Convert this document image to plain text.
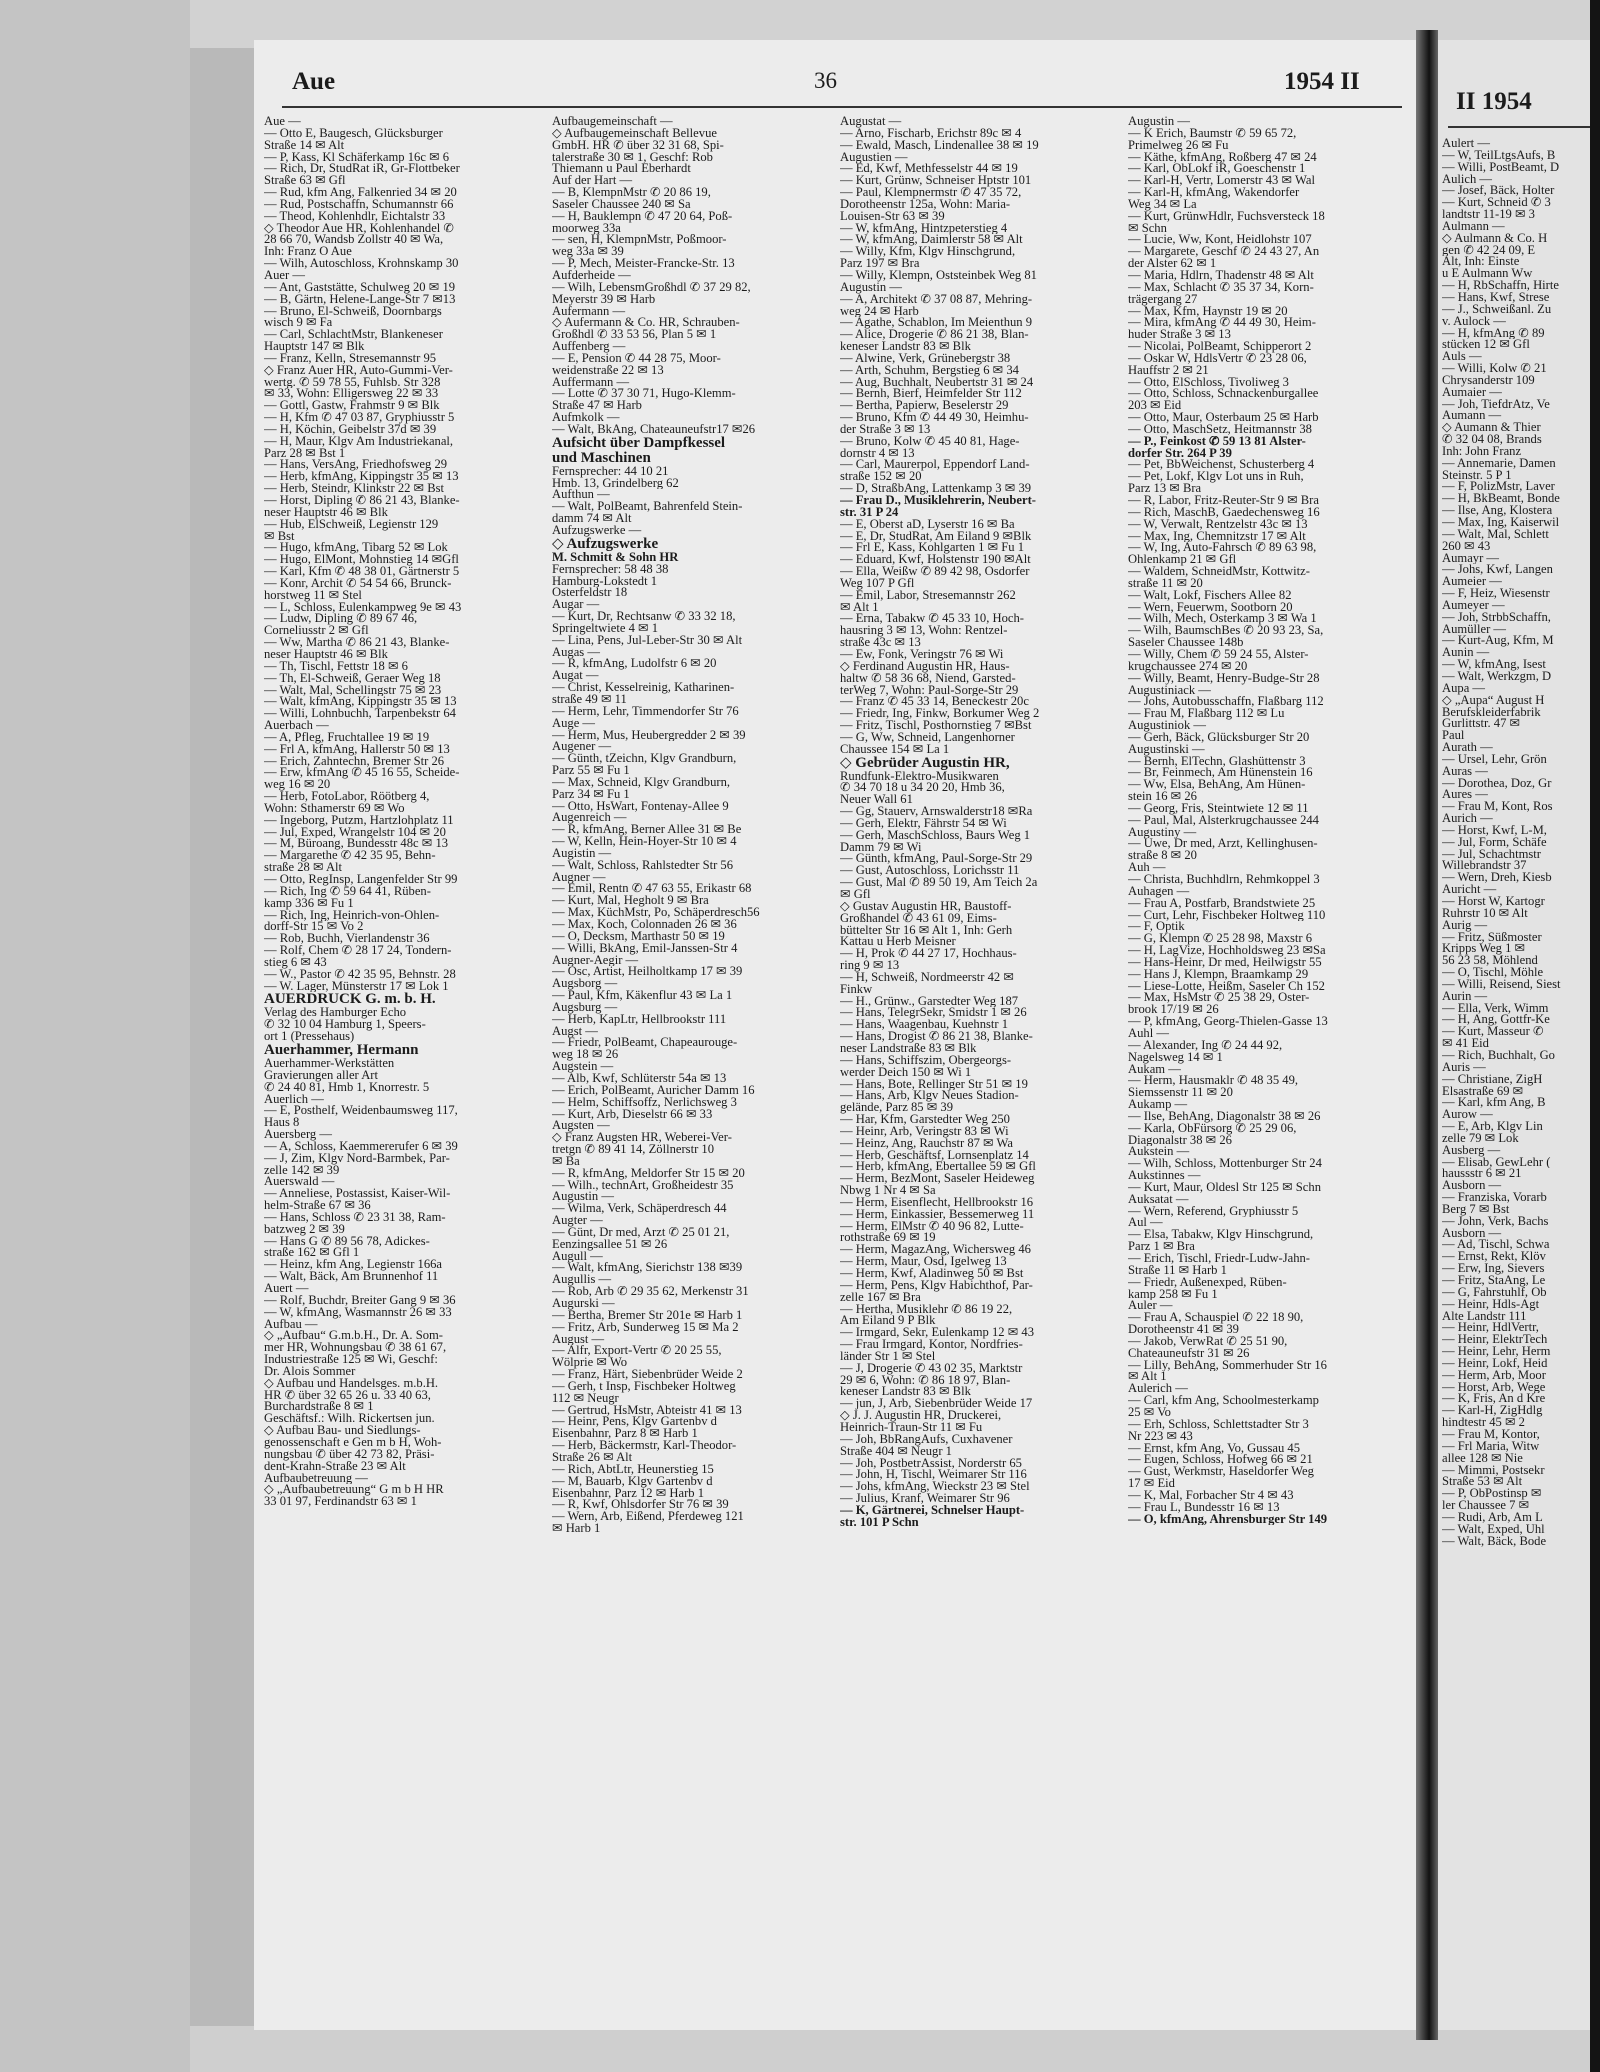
Aue	36	1954 II
Aue —
— Otto E, Baugesch, Glücksburger
Straße 14 ✉ Alt
— P, Kass, Kl Schäferkamp 16c ✉ 6
— Rich, Dr, StudRat iR, Gr-Flottbeker
Straße 63 ✉ Gfl
— Rud, kfm Ang, Falkenried 34 ✉ 20
— Rud, Postschaffn, Schumannstr 66
— Theod, Kohlenhdlr, Eichtalstr 33
◇ Theodor Aue HR, Kohlenhandel ✆
28 66 70, Wandsb Zollstr 40 ✉ Wa,
Inh: Franz O Aue
— Wilh, Autoschloss, Krohnskamp 30
Auer —
— Ant, Gaststätte, Schulweg 20 ✉ 19
— B, Gärtn, Helene-Lange-Str 7 ✉13
— Bruno, El-Schweiß, Doornbargs
wisch 9 ✉ Fa
— Carl, SchlachtMstr, Blankeneser
Hauptstr 147 ✉ Blk
— Franz, Kelln, Stresemannstr 95
◇ Franz Auer HR, Auto-Gummi-Ver-
wertg. ✆ 59 78 55, Fuhlsb. Str 328
✉ 33, Wohn: Elligersweg 22 ✉ 33
— Gottl, Gastw, Frahmstr 9 ✉ Blk
— H, Kfm ✆ 47 03 87, Gryphiusstr 5
— H, Köchin, Geibelstr 37d ✉ 39
— H, Maur, Klgv Am Industriekanal,
Parz 28 ✉ Bst 1
— Hans, VersAng, Friedhofsweg 29
— Herb, kfmAng, Kippingstr 35 ✉ 13
— Herb, Steindr, Klinkstr 22 ✉ Bst
— Horst, Dipling ✆ 86 21 43, Blanke-
neser Hauptstr 46 ✉ Blk
— Hub, ElSchweiß, Legienstr 129
✉ Bst
— Hugo, kfmAng, Tibarg 52 ✉ Lok
— Hugo, ElMont, Mohnstieg 14 ✉Gfl
— Karl, Kfm ✆ 48 38 01, Gärtnerstr 5
— Konr, Archit ✆ 54 54 66, Brunck-
horstweg 11 ✉ Stel
— L, Schloss, Eulenkampweg 9e ✉ 43
— Ludw, Dipling ✆ 89 67 46,
Corneliusstr 2 ✉ Gfl
— Ww, Martha ✆ 86 21 43, Blanke-
neser Hauptstr 46 ✉ Blk
— Th, Tischl, Fettstr 18 ✉ 6
— Th, El-Schweiß, Geraer Weg 18
— Walt, Mal, Schellingstr 75 ✉ 23
— Walt, kfmAng, Kippingstr 35 ✉ 13
— Willi, Lohnbuchh, Tarpenbekstr 64
Auerbach —
— A, Pfleg, Fruchtallee 19 ✉ 19
— Frl A, kfmAng, Hallerstr 50 ✉ 13
— Erich, Zahntechn, Bremer Str 26
— Erw, kfmAng ✆ 45 16 55, Scheide-
weg 16 ✉ 20
— Herb, FotoLabor, Röötberg 4,
Wohn: Sthamerstr 69 ✉ Wo
— Ingeborg, Putzm, Hartzlohplatz 11
— Jul, Exped, Wrangelstr 104 ✉ 20
— M, Büroang, Bundesstr 48c ✉ 13
— Margarethe ✆ 42 35 95, Behn-
straße 28 ✉ Alt
— Otto, RegInsp, Langenfelder Str 99
— Rich, Ing ✆ 59 64 41, Rüben-
kamp 336 ✉ Fu 1
— Rich, Ing, Heinrich-von-Ohlen-
dorff-Str 15 ✉ Vo 2
— Rob, Buchh, Vierlandenstr 36
— Rolf, Chem ✆ 28 17 24, Tondern-
stieg 6 ✉ 43
— W., Pastor ✆ 42 35 95, Behnstr. 28
— W. Lager, Münsterstr 17 ✉ Lok 1
AUERDRUCK G. m. b. H.
Verlag des Hamburger Echo
✆ 32 10 04 Hamburg 1, Speers-
ort 1 (Pressehaus)
Auerhammer, Hermann
Auerhammer-Werkstätten
Gravierungen aller Art
✆ 24 40 81, Hmb 1, Knorrestr. 5
Auerlich —
— E, Posthelf, Weidenbaumsweg 117,
Haus 8
Auersberg —
— A, Schloss, Kaemmererufer 6 ✉ 39
— J, Zim, Klgv Nord-Barmbek, Par-
zelle 142 ✉ 39
Auerswald —
— Anneliese, Postassist, Kaiser-Wil-
helm-Straße 67 ✉ 36
— Hans, Schloss ✆ 23 31 38, Ram-
batzweg 2 ✉ 39
— Hans G ✆ 89 56 78, Adickes-
straße 162 ✉ Gfl 1
— Heinz, kfm Ang, Legienstr 166a
— Walt, Bäck, Am Brunnenhof 11
Auert —
— Rolf, Buchdr, Breiter Gang 9 ✉ 36
— W, kfmAng, Wasmannstr 26 ✉ 33
Aufbau —
◇ „Aufbau“ G.m.b.H., Dr. A. Som-
mer HR, Wohnungsbau ✆ 38 61 67,
Industriestraße 125 ✉ Wi, Geschf:
Dr. Alois Sommer
◇ Aufbau und Handelsges. m.b.H.
HR ✆ über 32 65 26 u. 33 40 63,
Burchardstraße 8 ✉ 1
Geschäftsf.: Wilh. Rickertsen jun.
◇ Aufbau Bau- und Siedlungs-
genossenschaft e Gen m b H, Woh-
nungsbau ✆ über 42 73 82, Präsi-
dent-Krahn-Straße 23 ✉ Alt
Aufbaubetreuung —
◇ „Aufbaubetreuung“ G m b H HR
33 01 97, Ferdinandstr 63 ✉ 1
Aufbaugemeinschaft —
◇ Aufbaugemeinschaft Bellevue
GmbH. HR ✆ über 32 31 68, Spi-
talerstraße 30 ✉ 1, Geschf: Rob
Thiemann u Paul Eberhardt
Auf der Hart —
— B, KlempnMstr ✆ 20 86 19,
Saseler Chaussee 240 ✉ Sa
— H, Bauklempn ✆ 47 20 64, Poß-
moorweg 33a
— sen, H, KlempnMstr, Poßmoor-
weg 33a ✉ 39
— P, Mech, Meister-Francke-Str. 13
Aufderheide —
— Wilh, LebensmGroßhdl ✆ 37 29 82,
Meyerstr 39 ✉ Harb
Aufermann —
◇ Aufermann & Co. HR, Schrauben-
Großhdl ✆ 33 53 56, Plan 5 ✉ 1
Auffenberg —
— E, Pension ✆ 44 28 75, Moor-
weidenstraße 22 ✉ 13
Auffermann —
— Lotte ✆ 37 30 71, Hugo-Klemm-
Straße 47 ✉ Harb
Aufmkolk —
— Walt, BkAng, Chateauneufstr17 ✉26
Aufsicht über Dampfkessel
und Maschinen
Fernsprecher: 44 10 21
Hmb. 13, Grindelberg 62
Aufthun —
— Walt, PolBeamt, Bahrenfeld Stein-
damm 74 ✉ Alt
Aufzugswerke —
◇ Aufzugswerke
M. Schmitt & Sohn HR
Fernsprecher: 58 48 38
Hamburg-Lokstedt 1
Osterfeldstr 18
Augar —
— Kurt, Dr, Rechtsanw ✆ 33 32 18,
Springeltwiete 4 ✉ 1
— Lina, Pens, Jul-Leber-Str 30 ✉ Alt
Augas —
— R, kfmAng, Ludolfstr 6 ✉ 20
Augat —
— Christ, Kesselreinig, Katharinen-
straße 49 ✉ 11
— Herm, Lehr, Timmendorfer Str 76
Auge —
— Herm, Mus, Heubergredder 2 ✉ 39
Augener —
— Günth, tZeichn, Klgv Grandburn,
Parz 55 ✉ Fu 1
— Max, Schneid, Klgv Grandburn,
Parz 34 ✉ Fu 1
— Otto, HsWart, Fontenay-Allee 9
Augenreich —
— R, kfmAng, Berner Allee 31 ✉ Be
— W, Kelln, Hein-Hoyer-Str 10 ✉ 4
Augistin —
— Walt, Schloss, Rahlstedter Str 56
Augner —
— Emil, Rentn ✆ 47 63 55, Erikastr 68
— Kurt, Mal, Hegholt 9 ✉ Bra
— Max, KüchMstr, Po, Schäperdresch56
— Max, Koch, Colonnaden 26 ✉ 36
— O, Decksm, Marthastr 50 ✉ 19
— Willi, BkAng, Emil-Janssen-Str 4
Augner-Aegir —
— Osc, Artist, Heilholtkamp 17 ✉ 39
Augsborg —
— Paul, Kfm, Käkenflur 43 ✉ La 1
Augsburg —
— Herb, KapLtr, Hellbrookstr 111
Augst —
— Friedr, PolBeamt, Chapeaurouge-
weg 18 ✉ 26
Augstein —
— Alb, Kwf, Schlüterstr 54a ✉ 13
— Erich, PolBeamt, Auricher Damm 16
— Helm, Schiffsoffz, Nerlichsweg 3
— Kurt, Arb, Dieselstr 66 ✉ 33
Augsten —
◇ Franz Augsten HR, Weberei-Ver-
tretgn ✆ 89 41 14, Zöllnerstr 10
✉ Ba
— R, kfmAng, Meldorfer Str 15 ✉ 20
— Wilh., technArt, Großheidestr 35
Augustin —
— Wilma, Verk, Schäperdresch 44
Augter —
— Günt, Dr med, Arzt ✆ 25 01 21,
Eenzingsallee 51 ✉ 26
Augull —
— Walt, kfmAng, Sierichstr 138 ✉39
Augullis —
— Rob, Arb ✆ 29 35 62, Merkenstr 31
Augurski —
— Bertha, Bremer Str 201e ✉ Harb 1
— Fritz, Arb, Sunderweg 15 ✉ Ma 2
August —
— Alfr, Export-Vertr ✆ 20 25 55,
Wölprie ✉ Wo
— Franz, Härt, Siebenbrüder Weide 2
— Gerh, t Insp, Fischbeker Holtweg
112 ✉ Neugr
— Gertrud, HsMstr, Abteistr 41 ✉ 13
— Heinr, Pens, Klgv Gartenbv d
Eisenbahnr, Parz 8 ✉ Harb 1
— Herb, Bäckermstr, Karl-Theodor-
Straße 26 ✉ Alt
— Rich, AbtLtr, Heunerstieg 15
— M, Bauarb, Klgv Gartenbv d
Eisenbahnr, Parz 12 ✉ Harb 1
— R, Kwf, Ohlsdorfer Str 76 ✉ 39
— Wern, Arb, Eißend, Pferdeweg 121
✉ Harb 1
Augustat —
— Arno, Fischarb, Erichstr 89c ✉ 4
— Ewald, Masch, Lindenallee 38 ✉ 19
Augustien —
— Ed, Kwf, Methfesselstr 44 ✉ 19
— Kurt, Grünw, Schneiser Hptstr 101
— Paul, Klempnermstr ✆ 47 35 72,
Dorotheenstr 125a, Wohn: Maria-
Louisen-Str 63 ✉ 39
— W, kfmAng, Hintzpeterstieg 4
— W, kfmAng, Daimlerstr 58 ✉ Alt
— Willy, Kfm, Klgv Hinschgrund,
Parz 197 ✉ Bra
— Willy, Klempn, Oststeinbek Weg 81
Augustin —
— A, Architekt ✆ 37 08 87, Mehring-
weg 24 ✉ Harb
— Agathe, Schablon, Im Meienthun 9
— Alice, Drogerie ✆ 86 21 38, Blan-
keneser Landstr 83 ✉ Blk
— Alwine, Verk, Grünebergstr 38
— Arth, Schuhm, Bergstieg 6 ✉ 34
— Aug, Buchhalt, Neubertstr 31 ✉ 24
— Bernh, Bierf, Heimfelder Str 112
— Bertha, Papierw, Beselerstr 29
— Bruno, Kfm ✆ 44 49 30, Heimhu-
der Straße 3 ✉ 13
— Bruno, Kolw ✆ 45 40 81, Hage-
dornstr 4 ✉ 13
— Carl, Maurerpol, Eppendorf Land-
straße 152 ✉ 20
— D, StraßbAng, Lattenkamp 3 ✉ 39
— Frau D., Musiklehrerin, Neubert-
str. 31 P 24
— E, Oberst aD, Lyserstr 16 ✉ Ba
— E, Dr, StudRat, Am Eiland 9 ✉Blk
— Frl E, Kass, Kohlgarten 1 ✉ Fu 1
— Eduard, Kwf, Holstenstr 190 ✉Alt
— Ella, Weißw ✆ 89 42 98, Osdorfer
Weg 107 P Gfl
— Emil, Labor, Stresemannstr 262
✉ Alt 1
— Erna, Tabakw ✆ 45 33 10, Hoch-
hausring 3 ✉ 13, Wohn: Rentzel-
straße 43c ✉ 13
— Ew, Fonk, Veringstr 76 ✉ Wi
◇ Ferdinand Augustin HR, Haus-
haltw ✆ 58 36 68, Niend, Garsted-
terWeg 7, Wohn: Paul-Sorge-Str 29
— Franz ✆ 45 33 14, Beneckestr 20c
— Friedr, Ing, Finkw, Borkumer Weg 2
— Fritz, Tischl, Posthornstieg 7 ✉Bst
— G, Ww, Schneid, Langenhorner
Chaussee 154 ✉ La 1
◇ Gebrüder Augustin HR,
Rundfunk-Elektro-Musikwaren
✆ 34 70 18 u 34 20 20, Hmb 36,
Neuer Wall 61
— Gg, Stauerv, Arnswalderstr18 ✉Ra
— Gerh, Elektr, Fährstr 54 ✉ Wi
— Gerh, MaschSchloss, Baurs Weg 1
Damm 79 ✉ Wi
— Günth, kfmAng, Paul-Sorge-Str 29
— Gust, Autoschloss, Lorichsstr 11
— Gust, Mal ✆ 89 50 19, Am Teich 2a
✉ Gfl
◇ Gustav Augustin HR, Baustoff-
Großhandel ✆ 43 61 09, Eims-
büttelter Str 16 ✉ Alt 1, Inh: Gerh
Kattau u Herb Meisner
— H, Prok ✆ 44 27 17, Hochhaus-
ring 9 ✉ 13
— H, Schweiß, Nordmeerstr 42 ✉
Finkw
— H., Grünw., Garstedter Weg 187
— Hans, TelegrSekr, Smidstr 1 ✉ 26
— Hans, Waagenbau, Kuehnstr 1
— Hans, Drogist ✆ 86 21 38, Blanke-
neser Landstraße 83 ✉ Blk
— Hans, Schiffszim, Obergeorgs-
werder Deich 150 ✉ Wi 1
— Hans, Bote, Rellinger Str 51 ✉ 19
— Hans, Arb, Klgv Neues Stadion-
gelände, Parz 85 ✉ 39
— Har, Kfm, Garstedter Weg 250
— Heinr, Arb, Veringstr 83 ✉ Wi
— Heinz, Ang, Rauchstr 87 ✉ Wa
— Herb, Geschäftsf, Lornsenplatz 14
— Herb, kfmAng, Ebertallee 59 ✉ Gfl
— Herm, BezMont, Saseler Heideweg
Nbwg 1 Nr 4 ✉ Sa
— Herm, Eisenflecht, Hellbrookstr 16
— Herm, Einkassier, Bessemerweg 11
— Herm, ElMstr ✆ 40 96 82, Lutte-
rothstraße 69 ✉ 19
— Herm, MagazAng, Wichersweg 46
— Herm, Maur, Osd, Igelweg 13
— Herm, Kwf, Aladinweg 50 ✉ Bst
— Herm, Pens, Klgv Habichthof, Par-
zelle 167 ✉ Bra
— Hertha, Musiklehr ✆ 86 19 22,
Am Eiland 9 P Blk
— Irmgard, Sekr, Eulenkamp 12 ✉ 43
— Frau Irmgard, Kontor, Nordfries-
länder Str 1 ✉ Stel
— J, Drogerie ✆ 43 02 35, Marktstr
29 ✉ 6, Wohn: ✆ 86 18 97, Blan-
keneser Landstr 83 ✉ Blk
— jun, J, Arb, Siebenbrüder Weide 17
◇ J. J. Augustin HR, Druckerei,
Heinrich-Traun-Str 11 ✉ Fu
— Joh, BbRangAufs, Cuxhavener
Straße 404 ✉ Neugr 1
— Joh, PostbetrAssist, Norderstr 65
— John, H, Tischl, Weimarer Str 116
— Johs, kfmAng, Wieckstr 23 ✉ Stel
— Julius, Kranf, Weimarer Str 96
— K, Gärtnerei, Schnelser Haupt-
str. 101 P Schn
Augustin —
— K Erich, Baumstr ✆ 59 65 72,
Primelweg 26 ✉ Fu
— Käthe, kfmAng, Roßberg 47 ✉ 24
— Karl, ObLokf iR, Goeschenstr 1
— Karl-H, Vertr, Lomerstr 43 ✉ Wal
— Karl-H, kfmAng, Wakendorfer
Weg 34 ✉ La
— Kurt, GrünwHdlr, Fuchsversteck 18
✉ Schn
— Lucie, Ww, Kont, Heidlohstr 107
— Margarete, Geschf ✆ 24 43 27, An
der Alster 62 ✉ 1
— Maria, Hdlrn, Thadenstr 48 ✉ Alt
— Max, Schlacht ✆ 35 37 34, Korn-
trägergang 27
— Max, Kfm, Haynstr 19 ✉ 20
— Mira, kfmAng ✆ 44 49 30, Heim-
huder Straße 3 ✉ 13
— Nicolai, PolBeamt, Schipperort 2
— Oskar W, HdlsVertr ✆ 23 28 06,
Hauffstr 2 ✉ 21
— Otto, ElSchloss, Tivoliweg 3
— Otto, Schloss, Schnackenburgallee
203 ✉ Eid
— Otto, Maur, Osterbaum 25 ✉ Harb
— Otto, MaschSetz, Heitmannstr 38
— P., Feinkost ✆ 59 13 81 Alster-
dorfer Str. 264 P 39
— Pet, BbWeichenst, Schusterberg 4
— Pet, Lokf, Klgv Lot uns in Ruh,
Parz 13 ✉ Bra
— R, Labor, Fritz-Reuter-Str 9 ✉ Bra
— Rich, MaschB, Gaedechensweg 16
— W, Verwalt, Rentzelstr 43c ✉ 13
— Max, Ing, Chemnitzstr 17 ✉ Alt
— W, Ing, Auto-Fahrsch ✆ 89 63 98,
Ohlenkamp 21 ✉ Gfl
— Waldem, SchneidMstr, Kottwitz-
straße 11 ✉ 20
— Walt, Lokf, Fischers Allee 82
— Wern, Feuerwm, Sootborn 20
— Wilh, Mech, Osterkamp 3 ✉ Wa 1
— Wilh, BaumschBes ✆ 20 93 23, Sa,
Saseler Chaussee 148b
— Willy, Chem ✆ 59 24 55, Alster-
krugchaussee 274 ✉ 20
— Willy, Beamt, Henry-Budge-Str 28
Augustiniack —
— Johs, Autobusschaffn, Flaßbarg 112
— Frau M, Flaßbarg 112 ✉ Lu
Augustiniok —
— Gerh, Bäck, Glücksburger Str 20
Augustinski —
— Bernh, ElTechn, Glashüttenstr 3
— Br, Feinmech, Am Hünenstein 16
— Ww, Elsa, BehAng, Am Hünen-
stein 16 ✉ 26
— Georg, Fris, Steintwiete 12 ✉ 11
— Paul, Mal, Alsterkrugchaussee 244
Augustiny —
— Uwe, Dr med, Arzt, Kellinghusen-
straße 8 ✉ 20
Auh —
— Christa, Buchhdlrn, Rehmkoppel 3
Auhagen —
— Frau A, Postfarb, Brandstwiete 25
— Curt, Lehr, Fischbeker Holtweg 110
— F, Optik
— G, Klempn ✆ 25 28 98, Maxstr 6
— H, LagVize, Hochholdsweg 23 ✉Sa
— Hans-Heinr, Dr med, Heilwigstr 55
— Hans J, Klempn, Braamkamp 29
— Liese-Lotte, Heißm, Saseler Ch 152
— Max, HsMstr ✆ 25 38 29, Oster-
brook 17/19 ✉ 26
— P, kfmAng, Georg-Thielen-Gasse 13
Auhl —
— Alexander, Ing ✆ 24 44 92,
Nagelsweg 14 ✉ 1
Aukam —
— Herm, Hausmaklr ✆ 48 35 49,
Siemssenstr 11 ✉ 20
Aukamp —
— Ilse, BehAng, Diagonalstr 38 ✉ 26
— Karla, ObFürsorg ✆ 25 29 06,
Diagonalstr 38 ✉ 26
Aukstein —
— Wilh, Schloss, Mottenburger Str 24
Aukstinnes —
— Kurt, Maur, Oldesl Str 125 ✉ Schn
Auksatat —
— Wern, Referend, Gryphiusstr 5
Aul —
— Elsa, Tabakw, Klgv Hinschgrund,
Parz 1 ✉ Bra
— Erich, Tischl, Friedr-Ludw-Jahn-
Straße 11 ✉ Harb 1
— Friedr, Außenexped, Rüben-
kamp 258 ✉ Fu 1
Auler —
— Frau A, Schauspiel ✆ 22 18 90,
Dorotheenstr 41 ✉ 39
— Jakob, VerwRat ✆ 25 51 90,
Chateauneufstr 31 ✉ 26
— Lilly, BehAng, Sommerhuder Str 16
✉ Alt 1
Aulerich —
— Carl, kfm Ang, Schoolmesterkamp
25 ✉ Vo
— Erh, Schloss, Schlettstadter Str 3
Nr 223 ✉ 43
— Ernst, kfm Ang, Vo, Gussau 45
— Eugen, Schloss, Hofweg 66 ✉ 21
— Gust, Werkmstr, Haseldorfer Weg
17 ✉ Eid
— K, Mal, Forbacher Str 4 ✉ 43
— Frau L, Bundesstr 16 ✉ 13
— O, kfmAng, Ahrensburger Str 149
II 1954
Aulert —
— W, TeilLtgsAufs, B
— Willi, PostBeamt, D
Aulich —
— Josef, Bäck, Holter
— Kurt, Schneid ✆ 3
landtstr 11-19 ✉ 3
Aulmann —
◇ Aulmann & Co. H
gen ✆ 42 24 09, E
Alt, Inh: Einste
u E Aulmann Ww
— H, RbSchaffn, Hirte
— Hans, Kwf, Strese
— J., Schweißanl. Zu
v. Aulock —
— H, kfmAng ✆ 89
stücken 12 ✉ Gfl
Auls —
— Willi, Kolw ✆ 21
Chrysanderstr 109
Aumaier —
— Joh, TiefdrAtz, Ve
Aumann —
◇ Aumann & Thier
✆ 32 04 08, Brands
Inh: John Franz
— Annemarie, Damen
Steinstr. 5 P 1
— F, PolizMstr, Laver
— H, BkBeamt, Bonde
— Ilse, Ang, Klostera
— Max, Ing, Kaiserwil
— Walt, Mal, Schlett
260 ✉ 43
Aumayr —
— Johs, Kwf, Langen
Aumeier —
— F, Heiz, Wiesenstr
Aumeyer —
— Joh, StrbbSchaffn,
Aumüller —
— Kurt-Aug, Kfm, M
Aunin —
— W, kfmAng, Isest
— Walt, Werkzgm, D
Aupa —
◇ „Aupa“ August H
Berufskleiderfabrik
Gurlittstr. 47 ✉
Paul
Aurath —
— Ursel, Lehr, Grön
Auras —
— Dorothea, Doz, Gr
Aures —
— Frau M, Kont, Ros
Aurich —
— Horst, Kwf, L-M,
— Jul, Form, Schäfe
— Jul, Schachtmstr
Willebrandstr 37
— Wern, Dreh, Kiesb
Auricht —
— Horst W, Kartogr
Ruhrstr 10 ✉ Alt
Aurig —
— Fritz, Süßmoster
Kripps Weg 1 ✉
56 23 58, Möhlend
— O, Tischl, Möhle
— Willi, Reisend, Siest
Aurin —
— Ella, Verk, Wimm
— H, Ang, Gottfr-Ke
— Kurt, Masseur ✆
✉ 41 Eid
— Rich, Buchhalt, Go
Auris —
— Christiane, ZigH
Elsastraße 69 ✉
— Karl, kfm Ang, B
Aurow —
— E, Arb, Klgv Lin
zelle 79 ✉ Lok
Ausberg —
— Elisab, GewLehr (
haussstr 6 ✉ 21
Ausborn —
— Franziska, Vorarb
Berg 7 ✉ Bst
— John, Verk, Bachs
Ausborn —
— Ad, Tischl, Schwa
— Ernst, Rekt, Klöv
— Erw, Ing, Sievers
— Fritz, StaAng, Le
— G, Fahrstuhlf, Ob
— Heinr, Hdls-Agt
Alte Landstr 111
— Heinr, HdlVertr,
— Heinr, ElektrTech
— Heinr, Lehr, Herm
— Heinr, Lokf, Heid
— Herm, Arb, Moor
— Horst, Arb, Wege
— K, Fris, An d Kre
— Karl-H, ZigHdlg
hindtestr 45 ✉ 2
— Frau M, Kontor,
— Frl Maria, Witw
allee 128 ✉ Nie
— Mimmi, Postsekr
Straße 53 ✉ Alt
— P, ObPostinsp ✉
ler Chaussee 7 ✉
— Rudi, Arb, Am L
— Walt, Exped, Uhl
— Walt, Bäck, Bode
